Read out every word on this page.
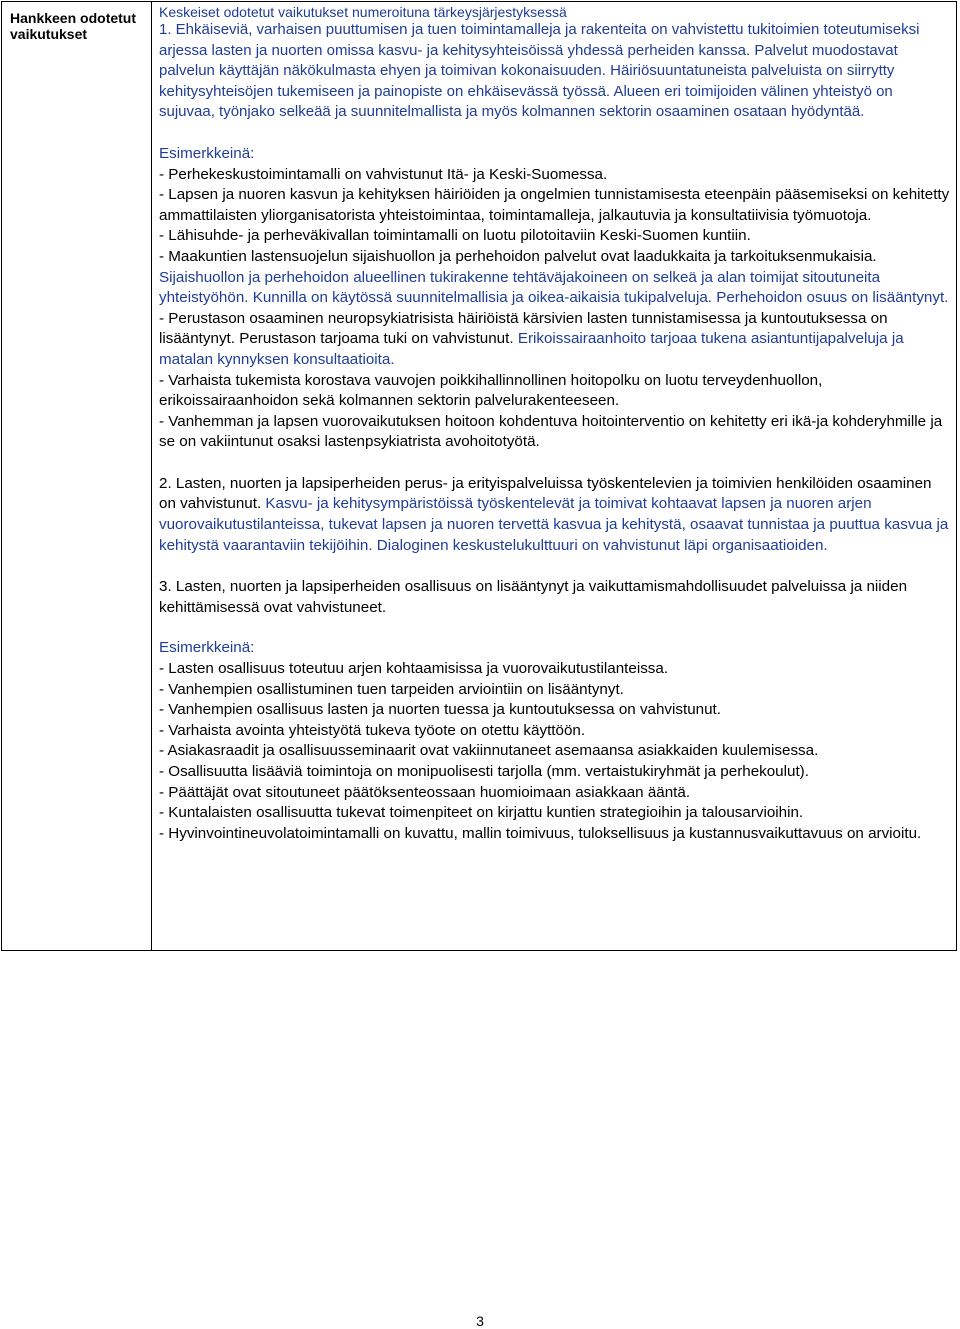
Hankkeen odotetut vaikutukset

Keskeiset odotetut vaikutukset numeroituna tärkeysjärjestyksessä

1. Ehkäiseviä, varhaisen puuttumisen ja tuen toimintamalleja ja rakenteita on vahvistettu tukitoimien toteutumiseksi arjessa lasten ja nuorten omissa kasvu- ja kehitysyhteisöissä yhdessä perheiden kanssa. Palvelut muodostavat palvelun käyttäjän näkökulmasta ehyen ja toimivan kokonaisuuden. Häiriösuuntatuneista palveluista on siirrytty kehitysyhteisöjen tukemiseen ja painopiste on ehkäisevässä työssä. Alueen eri toimijoiden välinen yhteistyö on sujuvaa, työnjako selkeää ja suunnitelmallista ja myös kolmannen sektorin osaaminen osataan hyödyntää.

Esimerkkeinä:

- Perhekeskustoimintamalli on vahvistunut Itä- ja Keski-Suomessa.

- Lapsen ja nuoren kasvun ja kehityksen häiriöiden ja ongelmien tunnistamisesta eteenpäin pääsemiseksi on kehitetty ammattilaisten yliorganisatorista yhteistoimintaa, toimintamalleja, jalkautuvia ja konsultatiivisia työmuotoja.

- Lähisuhde- ja perheväkivallan toimintamalli on luotu pilotoitaviin Keski-Suomen kuntiin.

- Maakuntien lastensuojelun sijaishuollon ja perhehoidon palvelut ovat laadukkaita ja tarkoituksenmukaisia. Sijaishuollon ja perhehoidon alueellinen tukirakenne tehtäväjakoineen on selkeä ja alan toimijat sitoutuneita yhteistyöhön. Kunnilla on käytössä suunnitelmallisia ja oikea-aikaisia tukipalveluja. Perhehoidon osuus on lisääntynyt.

- Perustason osaaminen neuropsykiatrisista häiriöistä kärsivien lasten tunnistamisessa ja kuntoutuksessa on lisääntynyt. Perustason tarjoama tuki on vahvistunut. Erikoissairaanhoito tarjoaa tukena asiantuntijapalveluja ja matalan kynnyksen konsultaatioita.

- Varhaista tukemista korostava vauvojen poikkihallinnollinen hoitopolku on luotu terveydenhuollon, erikoissairaanhoidon sekä kolmannen sektorin palvelurakenteeseen.

- Vanhemman ja lapsen vuorovaikutuksen hoitoon kohdentuva hoitointerventio on kehitetty eri ikä-ja kohderyhmille ja se on vakiintunut osaksi lastenpsykiatrista avohoitotyötä.

2. Lasten, nuorten ja lapsiperheiden perus- ja erityispalveluissa työskentelevien ja toimivien henkilöiden osaaminen on vahvistunut. Kasvu- ja kehitysympäristöissä työskentelevät ja toimivat kohtaavat lapsen ja nuoren arjen vuorovaikutustilanteissa, tukevat lapsen ja nuoren tervettä kasvua ja kehitystä, osaavat tunnistaa ja puuttua kasvua ja kehitystä vaarantaviin tekijöihin. Dialoginen keskustelukulttuuri on vahvistunut läpi organisaatioiden.

3. Lasten, nuorten ja lapsiperheiden osallisuus on lisääntynyt ja vaikuttamismahdollisuudet palveluissa ja niiden kehittämisessä ovat vahvistuneet.

Esimerkkeinä:

- Lasten osallisuus toteutuu arjen kohtaamisissa ja vuorovaikutustilanteissa.

- Vanhempien osallistuminen tuen tarpeiden arviointiin on lisääntynyt.

- Vanhempien osallisuus lasten ja nuorten tuessa ja kuntoutuksessa on vahvistunut.

- Varhaista avointa yhteistyötä tukeva työote on otettu käyttöön.

- Asiakasraadit ja osallisuusseminaarit ovat vakiinnutaneet asemaansa asiakkaiden kuulemisessa.

- Osallisuutta lisääviä toimintoja on monipuolisesti tarjolla (mm. vertaistukiryhmät ja perhekoulut).

- Päättäjät ovat sitoutuneet päätöksenteossaan huomioimaan asiakkaan ääntä.

- Kuntalaisten osallisuutta tukevat toimenpiteet on kirjattu kuntien strategioihin ja talousarvioihin.

- Hyvinvointineuvolatoimintamalli on kuvattu, mallin toimivuus, tuloksellisuus ja kustannusvaikuttavuus on arvioitu.

3
